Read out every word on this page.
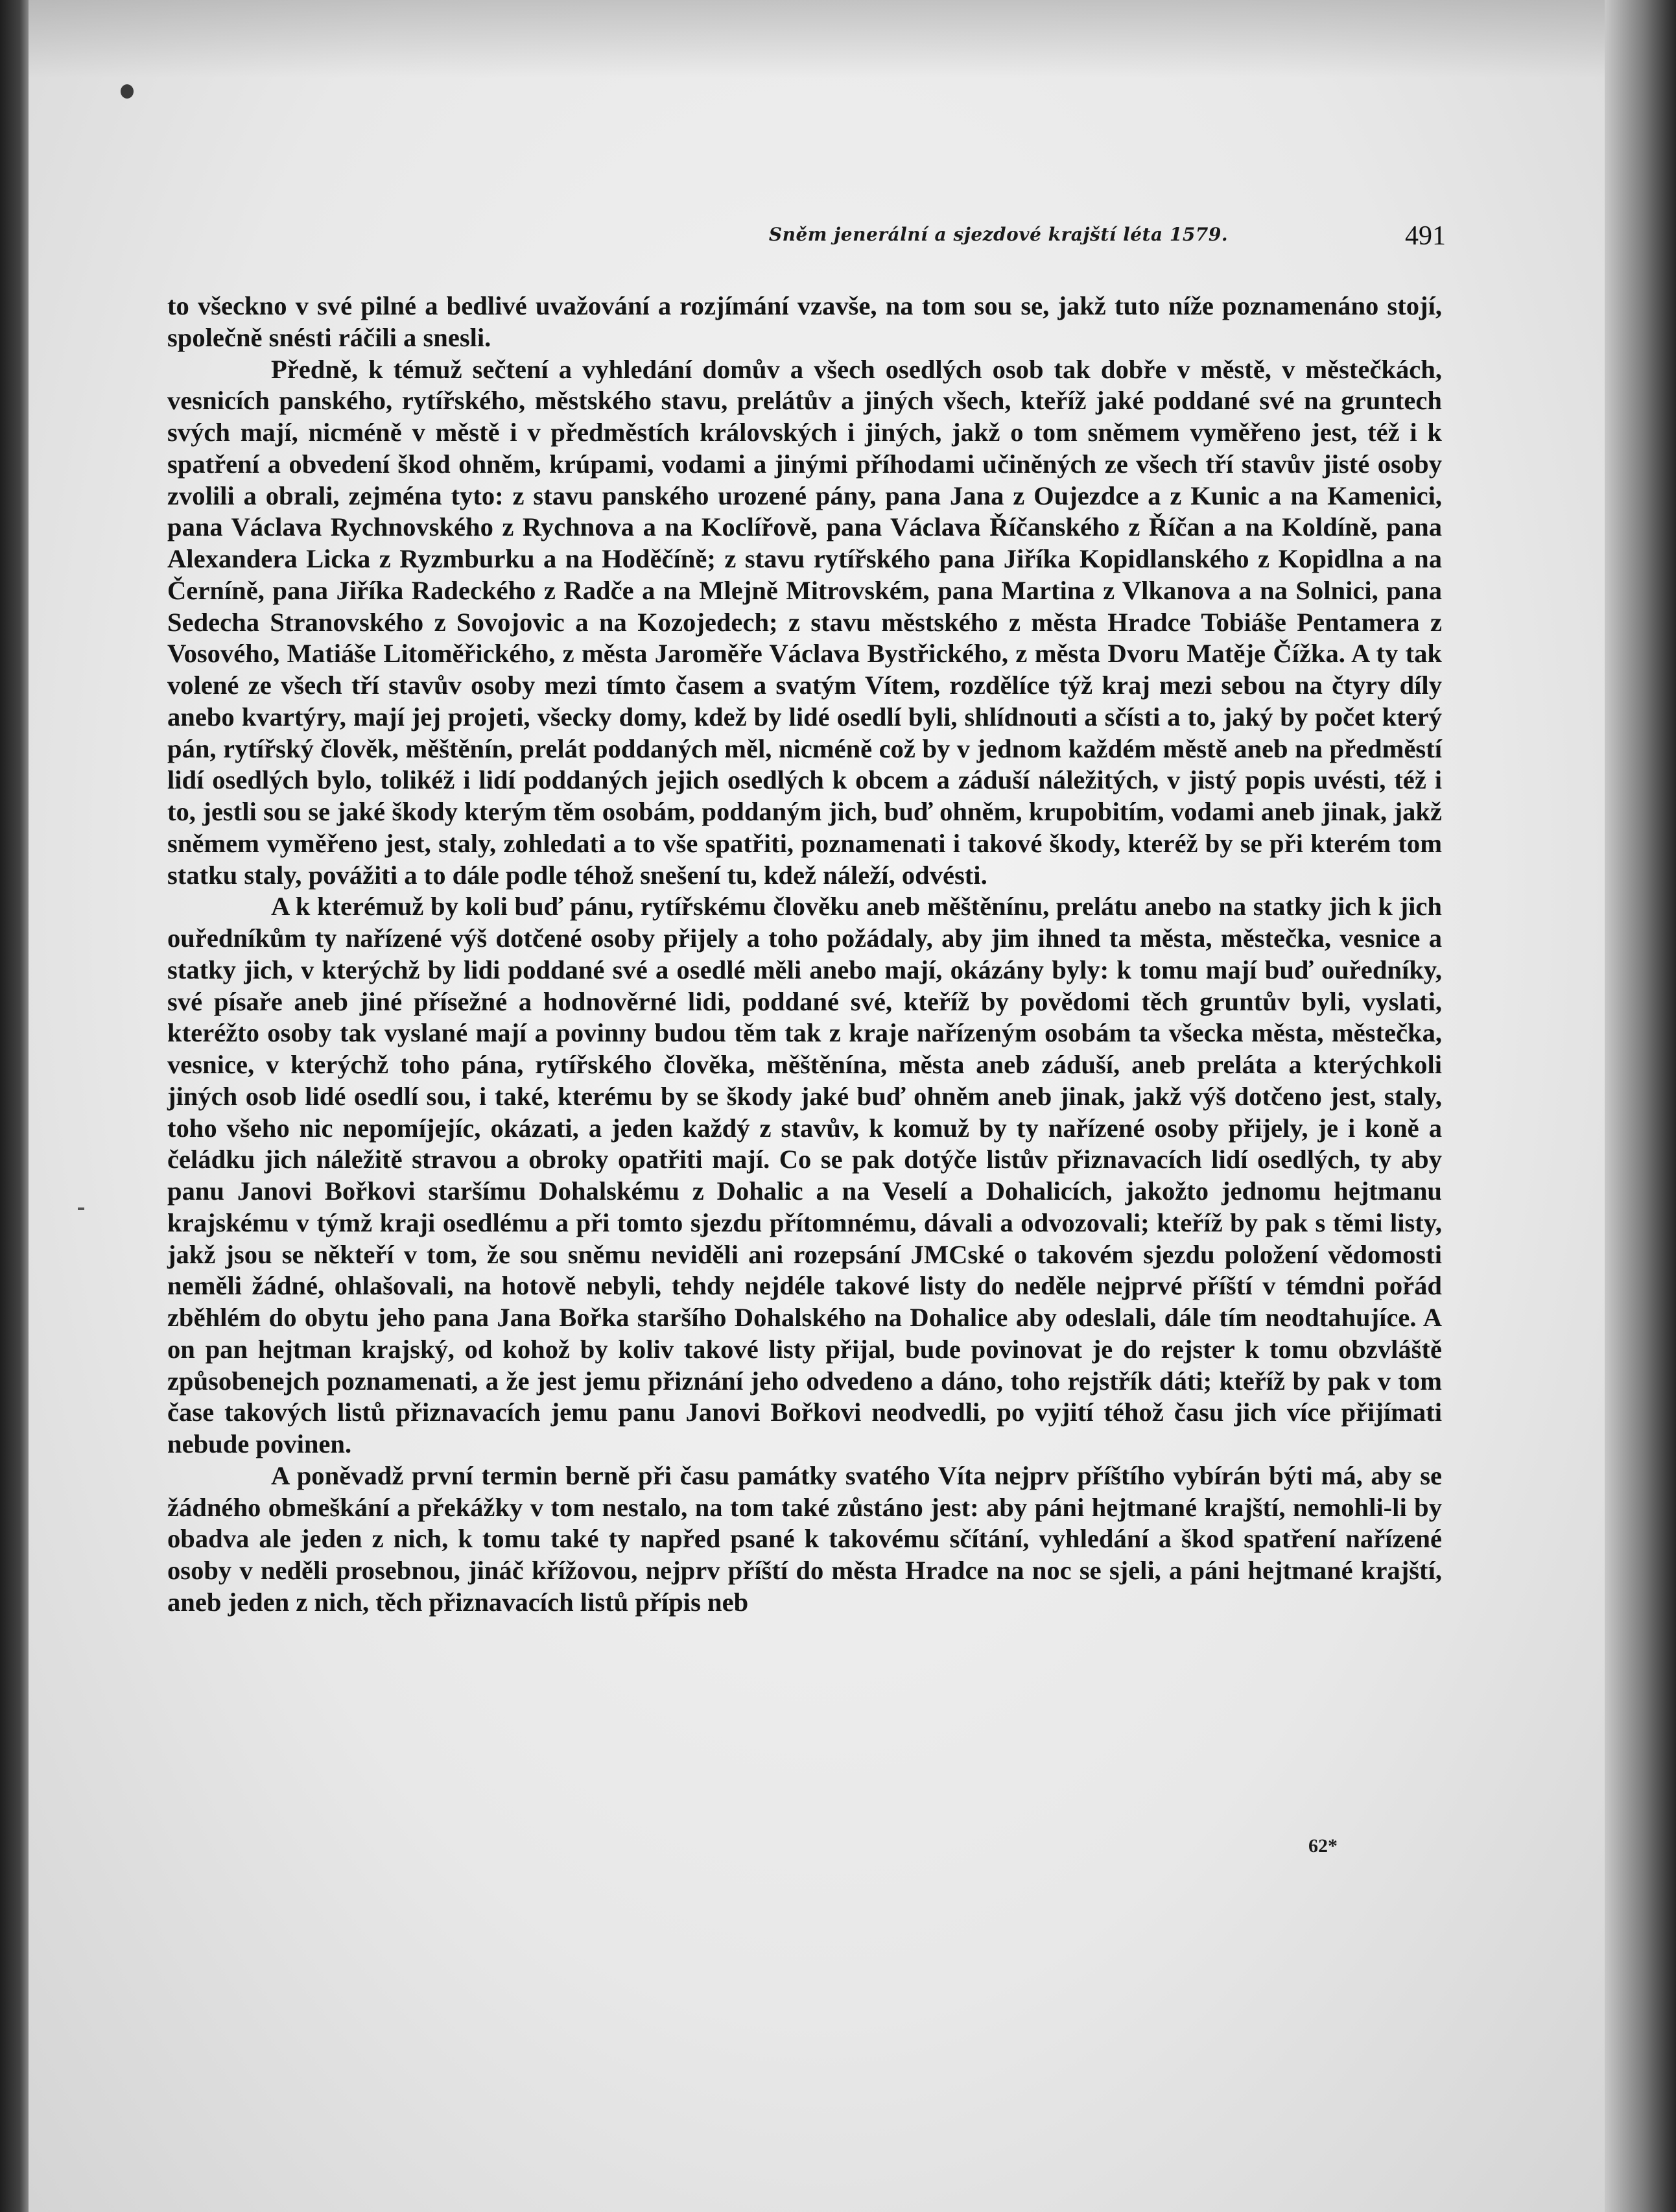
Sněm jenerální a sjezdové krajští léta 1579.	491

to všeckno v své pilné a bedlivé uvažování a rozjímání vzavše, na tom sou se, jakž tuto níže poznamenáno stojí, společně snésti ráčili a snesli.

Předně, k témuž sečtení a vyhledání domův a všech osedlých osob tak dobře v městě, v městečkách, vesnicích panského, rytířského, městského stavu, prelátův a jiných všech, kteříž jaké poddané své na gruntech svých mají, nicméně v městě i v předměstích královských i jiných, jakž o tom sněmem vyměřeno jest, též i k spatření a obvedení škod ohněm, krúpami, vodami a jinými příhodami učiněných ze všech tří stavův jisté osoby zvolili a obrali, zejména tyto: z stavu panského urozené pány, pana Jana z Oujezdce a z Kunic a na Kamenici, pana Václava Rychnovského z Rychnova a na Koclířově, pana Václava Říčanského z Říčan a na Koldíně, pana Alexandera Licka z Ryzmburku a na Hoděčíně; z stavu rytířského pana Jiříka Kopidlanského z Kopidlna a na Černíně, pana Jiříka Radeckého z Radče a na Mlejně Mitrovském, pana Martina z Vlkanova a na Solnici, pana Sedecha Stranovského z Sovojovic a na Kozojedech; z stavu městského z města Hradce Tobiáše Pentamera z Vosového, Matiáše Litoměřického, z města Jaroměře Václava Bystřického, z města Dvoru Matěje Čížka. A ty tak volené ze všech tří stavův osoby mezi tímto časem a svatým Vítem, rozdělíce týž kraj mezi sebou na čtyry díly anebo kvartýry, mají jej projeti, všecky domy, kdež by lidé osedlí byli, shlídnouti a sčísti a to, jaký by počet který pán, rytířský člověk, měštěnín, prelát poddaných měl, nicméně což by v jednom každém městě aneb na předměstí lidí osedlých bylo, tolikéž i lidí poddaných jejich osedlých k obcem a záduší náležitých, v jistý popis uvésti, též i to, jestli sou se jaké škody kterým těm osobám, poddaným jich, buď ohněm, krupobitím, vodami aneb jinak, jakž sněmem vyměřeno jest, staly, zohledati a to vše spatřiti, poznamenati i takové škody, kteréž by se při kterém tom statku staly, povážiti a to dále podle téhož snešení tu, kdež náleží, odvésti.

A k kterémuž by koli buď pánu, rytířskému člověku aneb měštěnínu, prelátu anebo na statky jich k jich ouředníkům ty nařízené výš dotčené osoby přijely a toho požádaly, aby jim ihned ta města, městečka, vesnice a statky jich, v kterýchž by lidi poddané své a osedlé měli anebo mají, okázány byly: k tomu mají buď ouředníky, své písaře aneb jiné přísežné a hodnověrné lidi, poddané své, kteříž by povědomi těch gruntův byli, vyslati, kteréžto osoby tak vyslané mají a povinny budou těm tak z kraje nařízeným osobám ta všecka města, městečka, vesnice, v kterýchž toho pána, rytířského člověka, měštěnína, města aneb záduší, aneb preláta a kterýchkoli jiných osob lidé osedlí sou, i také, kterému by se škody jaké buď ohněm aneb jinak, jakž výš dotčeno jest, staly, toho všeho nic nepomíjejíc, okázati, a jeden každý z stavův, k komuž by ty nařízené osoby přijely, je i koně a čeládku jich náležitě stravou a obroky opatřiti mají. Co se pak dotýče listův přiznavacích lidí osedlých, ty aby panu Janovi Bořkovi staršímu Dohalskému z Dohalic a na Veselí a Dohalicích, jakožto jednomu hejtmanu krajskému v týmž kraji osedlému a při tomto sjezdu přítomnému, dávali a odvozovali; kteříž by pak s těmi listy, jakž jsou se někteří v tom, že sou sněmu neviděli ani rozepsání JMCské o takovém sjezdu položení vědomosti neměli žádné, ohlašovali, na hotově nebyli, tehdy nejdéle takové listy do neděle nejprvé příští v témdni pořád zběhlém do obytu jeho pana Jana Bořka staršího Dohalského na Dohalice aby odeslali, dále tím neodtahujíce. A on pan hejtman krajský, od kohož by koliv takové listy přijal, bude povinovat je do rejster k tomu obzvláště způsobenejch poznamenati, a že jest jemu přiznání jeho odvedeno a dáno, toho rejstřík dáti; kteříž by pak v tom čase takových listů přiznavacích jemu panu Janovi Bořkovi neodvedli, po vyjití téhož času jich více přijímati nebude povinen.

A poněvadž první termin berně při času památky svatého Víta nejprv příštího vybírán býti má, aby se žádného obmeškání a překážky v tom nestalo, na tom také zůstáno jest: aby páni hejtmané krajští, nemohli-li by obadva ale jeden z nich, k tomu také ty napřed psané k takovému sčítání, vyhledání a škod spatření nařízené osoby v neděli prosebnou, jináč křížovou, nejprv příští do města Hradce na noc se sjeli, a páni hejtmané krajští, aneb jeden z nich, těch přiznavacích listů přípis neb

62*
